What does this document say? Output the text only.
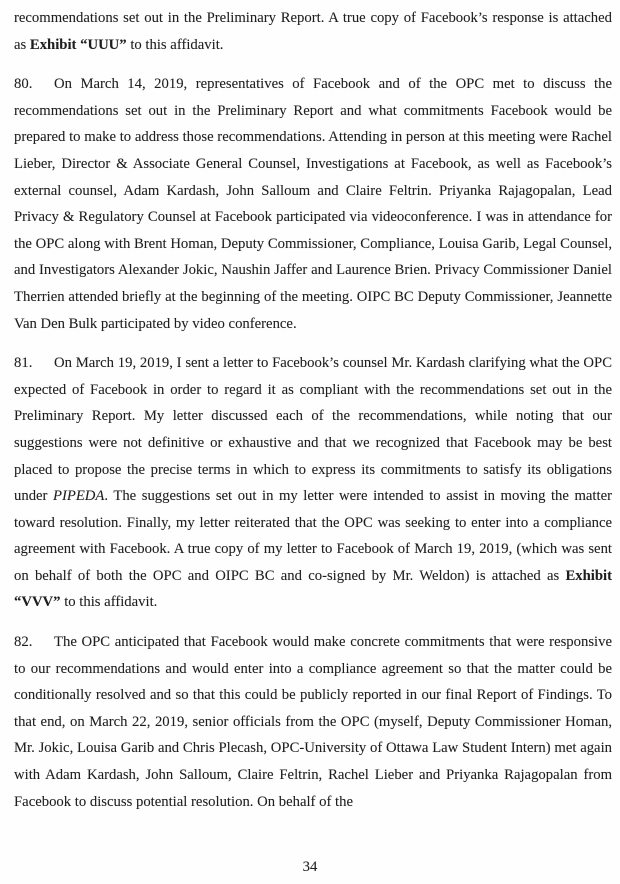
recommendations set out in the Preliminary Report. A true copy of Facebook’s response is attached as Exhibit “UUU” to this affidavit.

80. On March 14, 2019, representatives of Facebook and of the OPC met to discuss the recommendations set out in the Preliminary Report and what commitments Facebook would be prepared to make to address those recommendations. Attending in person at this meeting were Rachel Lieber, Director & Associate General Counsel, Investigations at Facebook, as well as Facebook’s external counsel, Adam Kardash, John Salloum and Claire Feltrin. Priyanka Rajagopalan, Lead Privacy & Regulatory Counsel at Facebook participated via videoconference. I was in attendance for the OPC along with Brent Homan, Deputy Commissioner, Compliance, Louisa Garib, Legal Counsel, and Investigators Alexander Jokic, Naushin Jaffer and Laurence Brien. Privacy Commissioner Daniel Therrien attended briefly at the beginning of the meeting. OIPC BC Deputy Commissioner, Jeannette Van Den Bulk participated by video conference.

81. On March 19, 2019, I sent a letter to Facebook’s counsel Mr. Kardash clarifying what the OPC expected of Facebook in order to regard it as compliant with the recommendations set out in the Preliminary Report. My letter discussed each of the recommendations, while noting that our suggestions were not definitive or exhaustive and that we recognized that Facebook may be best placed to propose the precise terms in which to express its commitments to satisfy its obligations under PIPEDA. The suggestions set out in my letter were intended to assist in moving the matter toward resolution. Finally, my letter reiterated that the OPC was seeking to enter into a compliance agreement with Facebook. A true copy of my letter to Facebook of March 19, 2019, (which was sent on behalf of both the OPC and OIPC BC and co-signed by Mr. Weldon) is attached as Exhibit “VVV” to this affidavit.

82. The OPC anticipated that Facebook would make concrete commitments that were responsive to our recommendations and would enter into a compliance agreement so that the matter could be conditionally resolved and so that this could be publicly reported in our final Report of Findings. To that end, on March 22, 2019, senior officials from the OPC (myself, Deputy Commissioner Homan, Mr. Jokic, Louisa Garib and Chris Plecash, OPC-University of Ottawa Law Student Intern) met again with Adam Kardash, John Salloum, Claire Feltrin, Rachel Lieber and Priyanka Rajagopalan from Facebook to discuss potential resolution. On behalf of the

34
